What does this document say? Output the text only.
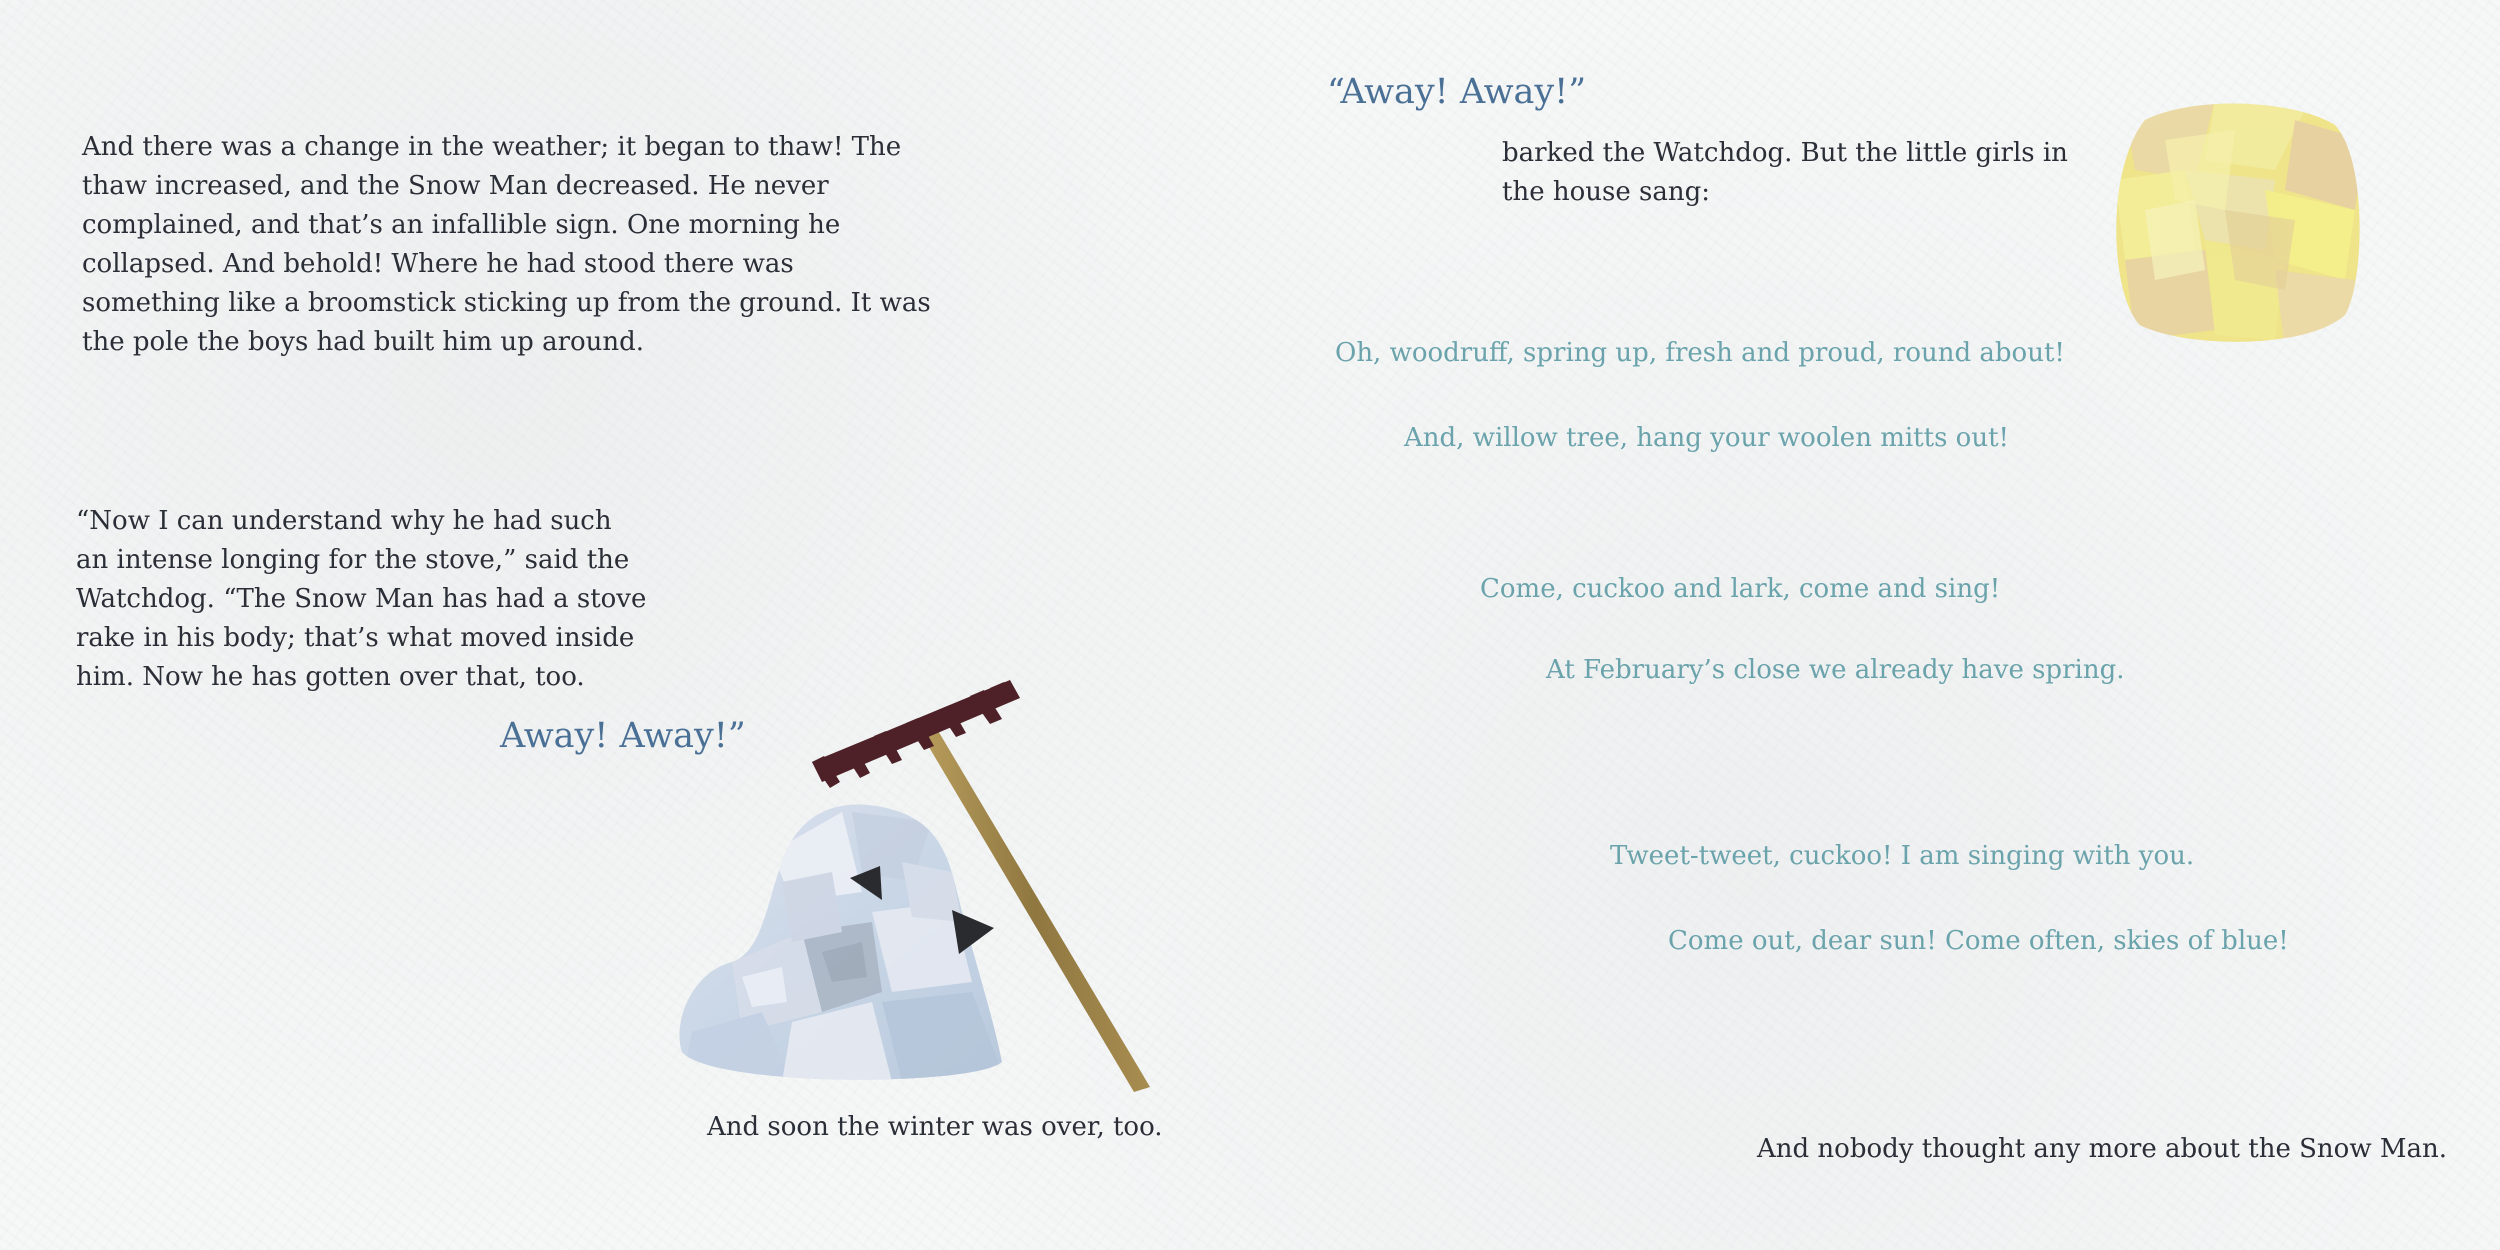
And there was a change in the weather; it began to thaw! The

thaw increased, and the Snow Man decreased. He never

complained, and that’s an infallible sign. One morning he

collapsed. And behold! Where he had stood there was

something like a broomstick sticking up from the ground. It was

the pole the boys had built him up around.

“Now I can understand why he had such

an intense longing for the stove,” said the

Watchdog. “The Snow Man has had a stove

rake in his body; that’s what moved inside

him. Now he has gotten over that, too.

Away! Away!”
And soon the winter was over, too.
“Away! Away!”

barked the Watchdog. But the little girls in

the house sang:

Oh, woodruff, spring up, fresh and proud, round about!
And, willow tree, hang your woolen mitts out!
Come, cuckoo and lark, come and sing!
At February’s close we already have spring.
Tweet-tweet, cuckoo! I am singing with you.
Come out, dear sun! Come often, skies of blue!
And nobody thought any more about the Snow Man.
